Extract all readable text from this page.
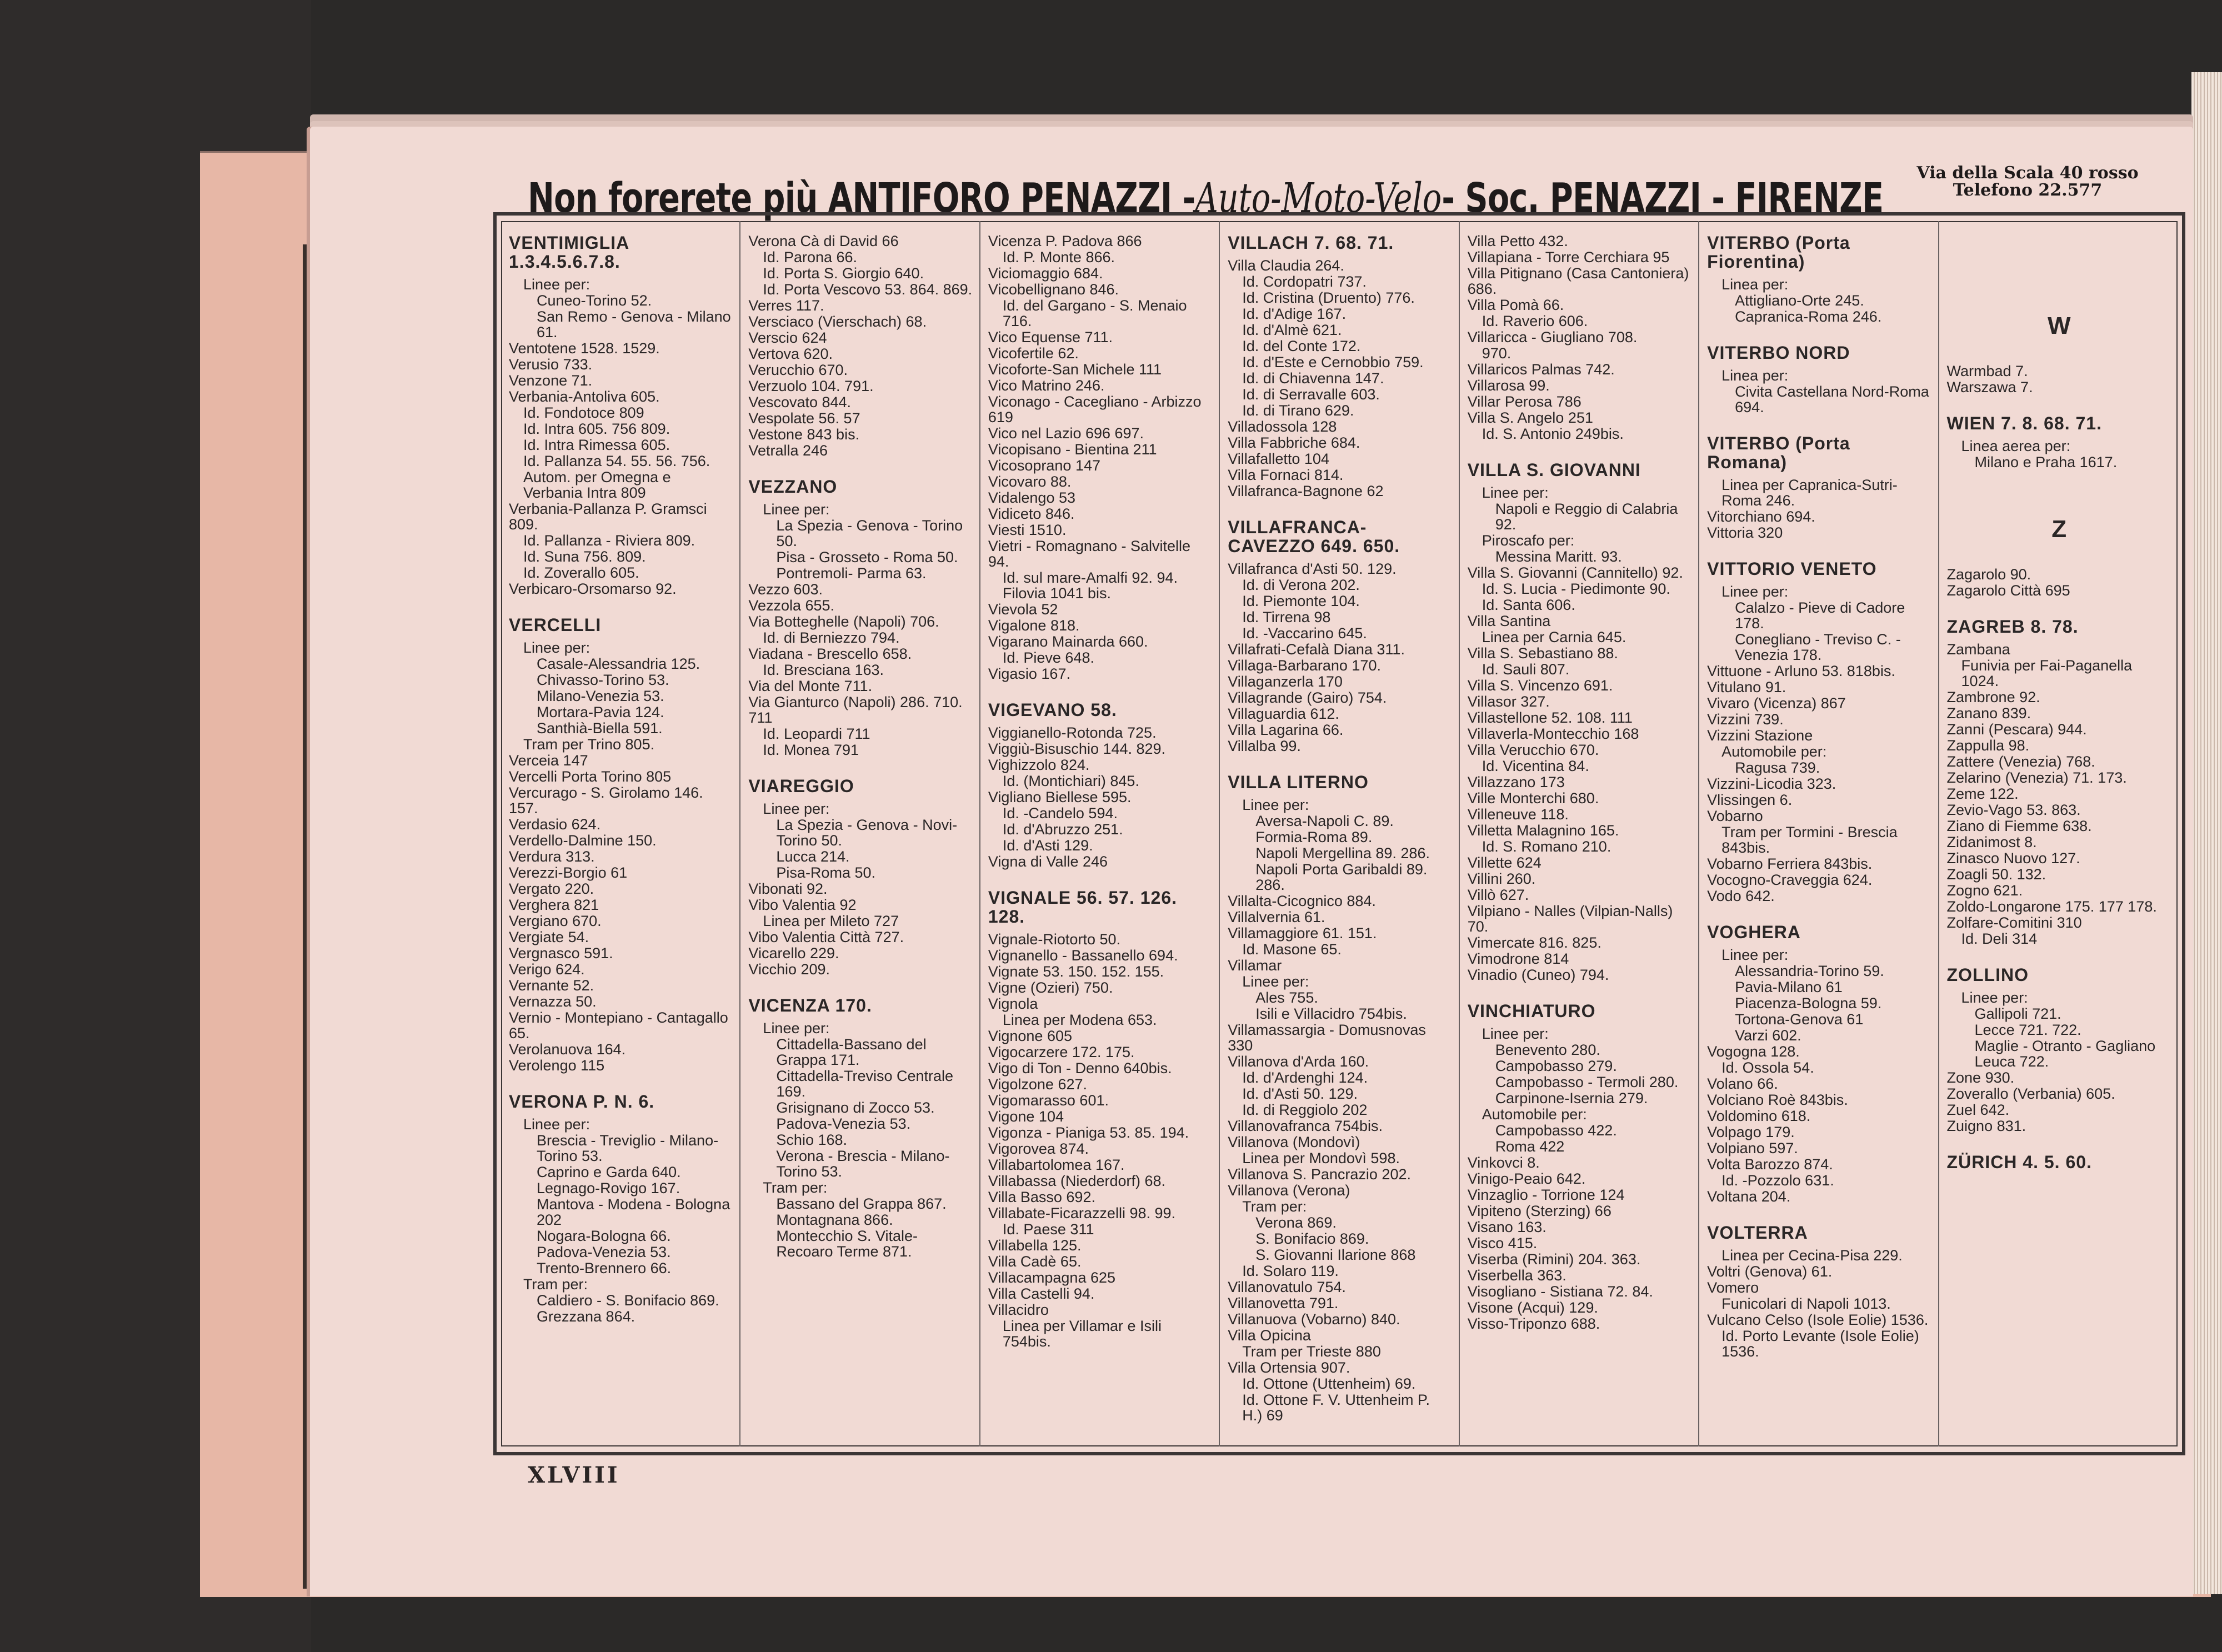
Non forerete più ANTIFORO PENAZZI - Auto-Moto-Velo - Soc. PENAZZI - FIRENZE
Via della Scala 40 rosso
Telefono 22.577
VENTIMIGLIA 1.3.4.5.6.7.8.
Linee per:
Cuneo-Torino 52.
San Remo - Genova - Milano 61.
Ventotene 1528. 1529.
Verusio 733.
Venzone 71.
Verbania-Antoliva 605.
Id. Fondotoce 809
Id. Intra 605. 756 809.
Id. Intra Rimessa 605.
Id. Pallanza 54. 55. 56. 756.
Autom. per Omegna e Verbania Intra 809
Verbania-Pallanza P. Gramsci 809.
Id. Pallanza - Riviera 809.
Id. Suna 756. 809.
Id. Zoverallo 605.
Verbicaro-Orsomarso 92.
VERCELLI
Linee per:
Casale-Alessandria 125.
Chivasso-Torino 53.
Milano-Venezia 53.
Mortara-Pavia 124.
Santhià-Biella 591.
Tram per Trino 805.
Verceia 147
Vercelli Porta Torino 805
Vercurago - S. Girolamo 146. 157.
Verdasio 624.
Verdello-Dalmine 150.
Verdura 313.
Verezzi-Borgio 61
Vergato 220.
Verghera 821
Vergiano 670.
Vergiate 54.
Vergnasco 591.
Verigo 624.
Vernante 52.
Vernazza 50.
Vernio - Montepiano - Cantagallo 65.
Verolanuova 164.
Verolengo 115
VERONA P. N. 6.
Linee per:
Brescia - Treviglio - Milano-Torino 53.
Caprino e Garda 640.
Legnago-Rovigo 167.
Mantova - Modena - Bologna 202
Nogara-Bologna 66.
Padova-Venezia 53.
Trento-Brennero 66.
Tram per:
Caldiero - S. Bonifacio 869.
Grezzana 864.
Verona Cà di David 66
Id. Parona 66.
Id. Porta S. Giorgio 640.
Id. Porta Vescovo 53. 864. 869.
Verres 117.
Versciaco (Vierschach) 68.
Verscio 624
Vertova 620.
Verucchio 670.
Verzuolo 104. 791.
Vescovato 844.
Vespolate 56. 57
Vestone 843 bis.
Vetralla 246
VEZZANO
Linee per:
La Spezia - Genova - Torino 50.
Pisa - Grosseto - Roma 50.
Pontremoli- Parma 63.
Vezzo 603.
Vezzola 655.
Via Botteghelle (Napoli) 706.
Id. di Berniezzo 794.
Viadana - Brescello 658.
Id. Bresciana 163.
Via del Monte 711.
Via Gianturco (Napoli) 286. 710. 711
Id. Leopardi 711
Id. Monea 791
VIAREGGIO
Linee per:
La Spezia - Genova - Novi-Torino 50.
Lucca 214.
Pisa-Roma 50.
Vibonati 92.
Vibo Valentia 92
Linea per Mileto 727
Vibo Valentia Città 727.
Vicarello 229.
Vicchio 209.
VICENZA 170.
Linee per:
Cittadella-Bassano del Grappa 171.
Cittadella-Treviso Centrale 169.
Grisignano di Zocco 53.
Padova-Venezia 53.
Schio 168.
Verona - Brescia - Milano-Torino 53.
Tram per:
Bassano del Grappa 867.
Montagnana 866.
Montecchio S. Vitale-Recoaro Terme 871.
Vicenza P. Padova 866
Id. P. Monte 866.
Viciomaggio 684.
Vicobellignano 846.
Id. del Gargano - S. Menaio 716.
Vico Equense 711.
Vicofertile 62.
Vicoforte-San Michele 111
Vico Matrino 246.
Viconago - Cacegliano - Arbizzo 619
Vico nel Lazio 696 697.
Vicopisano - Bientina 211
Vicosoprano 147
Vicovaro 88.
Vidalengo 53
Vidiceto 846.
Viesti 1510.
Vietri - Romagnano - Salvitelle 94.
Id. sul mare-Amalfi 92. 94. Filovia 1041 bis.
Vievola 52
Vigalone 818.
Vigarano Mainarda 660.
Id. Pieve 648.
Vigasio 167.
VIGEVANO 58.
Viggianello-Rotonda 725.
Viggiù-Bisuschio 144. 829.
Vighizzolo 824.
Id. (Montichiari) 845.
Vigliano Biellese 595.
Id. -Candelo 594.
Id. d'Abruzzo 251.
Id. d'Asti 129.
Vigna di Valle 246
VIGNALE 56. 57. 126. 128.
Vignale-Riotorto 50.
Vignanello - Bassanello 694.
Vignate 53. 150. 152. 155.
Vigne (Ozieri) 750.
Vignola
Linea per Modena 653.
Vignone 605
Vigocarzere 172. 175.
Vigo di Ton - Denno 640bis.
Vigolzone 627.
Vigomarasso 601.
Vigone 104
Vigonza - Pianiga 53. 85. 194.
Vigorovea 874.
Villabartolomea 167.
Villabassa (Niederdorf) 68.
Villa Basso 692.
Villabate-Ficarazzelli 98. 99.
Id. Paese 311
Villabella 125.
Villa Cadè 65.
Villacampagna 625
Villa Castelli 94.
Villacidro
Linea per Villamar e Isili 754bis.
VILLACH 7. 68. 71.
Villa Claudia 264.
Id. Cordopatri 737.
Id. Cristina (Druento) 776.
Id. d'Adige 167.
Id. d'Almè 621.
Id. del Conte 172.
Id. d'Este e Cernobbio 759.
Id. di Chiavenna 147.
Id. di Serravalle 603.
Id. di Tirano 629.
Villadossola 128
Villa Fabbriche 684.
Villafalletto 104
Villa Fornaci 814.
Villafranca-Bagnone 62
VILLAFRANCA-CAVEZZO 649. 650.
Villafranca d'Asti 50. 129.
Id. di Verona 202.
Id. Piemonte 104.
Id. Tirrena 98
Id. -Vaccarino 645.
Villafrati-Cefalà Diana 311.
Villaga-Barbarano 170.
Villaganzerla 170
Villagrande (Gairo) 754.
Villaguardia 612.
Villa Lagarina 66.
Villalba 99.
VILLA LITERNO
Linee per:
Aversa-Napoli C. 89.
Formia-Roma 89.
Napoli Mergellina 89. 286.
Napoli Porta Garibaldi 89. 286.
Villalta-Cicognico 884.
Villalvernia 61.
Villamaggiore 61. 151.
Id. Masone 65.
Villamar
Linee per:
Ales 755.
Isili e Villacidro 754bis.
Villamassargia - Domusnovas 330
Villanova d'Arda 160.
Id. d'Ardenghi 124.
Id. d'Asti 50. 129.
Id. di Reggiolo 202
Villanovafranca 754bis.
Villanova (Mondovì)
Linea per Mondovì 598.
Villanova S. Pancrazio 202.
Villanova (Verona)
Tram per:
Verona 869.
S. Bonifacio 869.
S. Giovanni Ilarione 868
Id. Solaro 119.
Villanovatulo 754.
Villanovetta 791.
Villanuova (Vobarno) 840.
Villa Opicina
Tram per Trieste 880
Villa Ortensia 907.
Id. Ottone (Uttenheim) 69.
Id. Ottone F. V. Uttenheim P. H.) 69
Villa Petto 432.
Villapiana - Torre Cerchiara 95
Villa Pitignano (Casa Cantoniera) 686.
Villa Pomà 66.
Id. Raverio 606.
Villaricca - Giugliano 708.
970.
Villaricos Palmas 742.
Villarosa 99.
Villar Perosa 786
Villa S. Angelo 251
Id. S. Antonio 249bis.
VILLA S. GIOVANNI
Linee per:
Napoli e Reggio di Calabria 92.
Piroscafo per:
Messina Maritt. 93.
Villa S. Giovanni (Cannitello) 92.
Id. S. Lucia - Piedimonte 90.
Id. Santa 606.
Villa Santina
Linea per Carnia 645.
Villa S. Sebastiano 88.
Id. Sauli 807.
Villa S. Vincenzo 691.
Villasor 327.
Villastellone 52. 108. 111
Villaverla-Montecchio 168
Villa Verucchio 670.
Id. Vicentina 84.
Villazzano 173
Ville Monterchi 680.
Villeneuve 118.
Villetta Malagnino 165.
Id. S. Romano 210.
Villette 624
Villini 260.
Villò 627.
Vilpiano - Nalles (Vilpian-Nalls) 70.
Vimercate 816. 825.
Vimodrone 814
Vinadio (Cuneo) 794.
VINCHIATURO
Linee per:
Benevento 280.
Campobasso 279.
Campobasso - Termoli 280.
Carpinone-Isernia 279.
Automobile per:
Campobasso 422.
Roma 422
Vinkovci 8.
Vinigo-Peaio 642.
Vinzaglio - Torrione 124
Vipiteno (Sterzing) 66
Visano 163.
Visco 415.
Viserba (Rimini) 204. 363.
Viserbella 363.
Visogliano - Sistiana 72. 84.
Visone (Acqui) 129.
Visso-Triponzo 688.
VITERBO (Porta Fiorentina)
Linea per:
Attigliano-Orte 245.
Capranica-Roma 246.
VITERBO NORD
Linea per:
Civita Castellana Nord-Roma 694.
VITERBO (Porta Romana)
Linea per Capranica-Sutri-Roma 246.
Vitorchiano 694.
Vittoria 320
VITTORIO VENETO
Linee per:
Calalzo - Pieve di Cadore 178.
Conegliano - Treviso C. - Venezia 178.
Vittuone - Arluno 53. 818bis.
Vitulano 91.
Vivaro (Vicenza) 867
Vizzini 739.
Vizzini Stazione
Automobile per:
Ragusa 739.
Vizzini-Licodia 323.
Vlissingen 6.
Vobarno
Tram per Tormini - Brescia 843bis.
Vobarno Ferriera 843bis.
Vocogno-Craveggia 624.
Vodo 642.
VOGHERA
Linee per:
Alessandria-Torino 59.
Pavia-Milano 61
Piacenza-Bologna 59.
Tortona-Genova 61
Varzi 602.
Vogogna 128.
Id. Ossola 54.
Volano 66.
Volciano Roè 843bis.
Voldomino 618.
Volpago 179.
Volpiano 597.
Volta Barozzo 874.
Id. -Pozzolo 631.
Voltana 204.
VOLTERRA
Linea per Cecina-Pisa 229.
Voltri (Genova) 61.
Vomero
Funicolari di Napoli 1013.
Vulcano Celso (Isole Eolie) 1536.
Id. Porto Levante (Isole Eolie) 1536.
W
Warmbad 7.
Warszawa 7.
WIEN 7. 8. 68. 71.
Linea aerea per:
Milano e Praha 1617.
Z
Zagarolo 90.
Zagarolo Città 695
ZAGREB 8. 78.
Zambana
Funivia per Fai-Paganella 1024.
Zambrone 92.
Zanano 839.
Zanni (Pescara) 944.
Zappulla 98.
Zattere (Venezia) 768.
Zelarino (Venezia) 71. 173.
Zeme 122.
Zevio-Vago 53. 863.
Ziano di Fiemme 638.
Zidanimost 8.
Zinasco Nuovo 127.
Zoagli 50. 132.
Zogno 621.
Zoldo-Longarone 175. 177 178.
Zolfare-Comitini 310
Id. Deli 314
ZOLLINO
Linee per:
Gallipoli 721.
Lecce 721. 722.
Maglie - Otranto - Gagliano Leuca 722.
Zone 930.
Zoverallo (Verbania) 605.
Zuel 642.
Zuigno 831.
ZÜRICH 4. 5. 60.
XLVIII
